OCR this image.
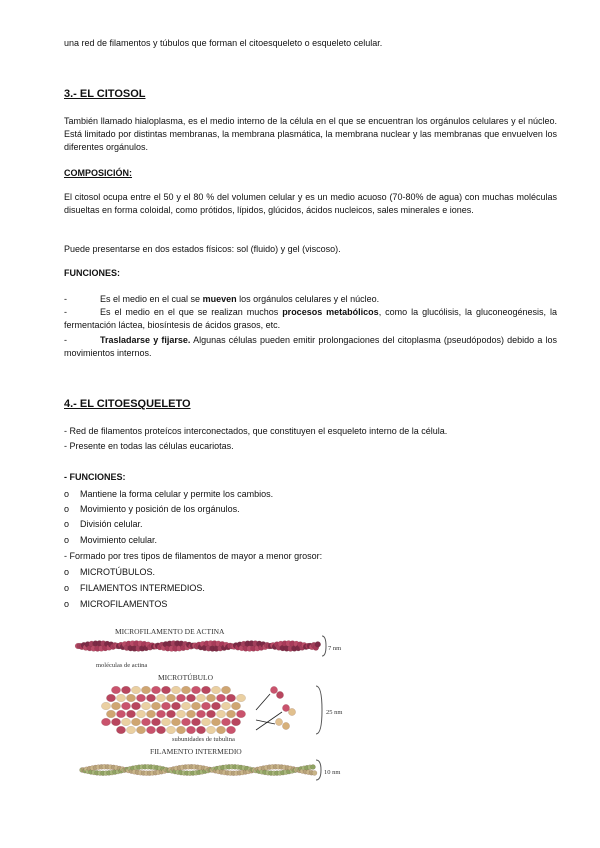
una red de filamentos y túbulos que forman el citoesqueleto o esqueleto celular.

3.- EL CITOSOL

También llamado hialoplasma, es el medio interno de la célula en el que se encuentran los orgánulos celulares y el núcleo. Está limitado por distintas membranas, la membrana plasmática, la membrana nuclear y las membranas que envuelven los diferentes orgánulos.

COMPOSICIÓN:

El citosol ocupa entre el 50 y el 80 % del volumen celular y es un medio acuoso (70-80% de agua) con muchas moléculas disueltas en forma coloidal, como prótidos, lípidos, glúcidos, ácidos nucleicos, sales minerales e iones.

Puede presentarse en dos estados físicos: sol (fluido) y gel (viscoso).

FUNCIONES:

-	Es el medio en el cual se mueven los orgánulos celulares y el núcleo.
-	Es el medio en el que se realizan muchos procesos metabólicos, como la glucólisis, la gluconeogénesis, la fermentación láctea, biosíntesis de ácidos grasos, etc.
-	Trasladarse y fijarse. Algunas células pueden emitir prolongaciones del citoplasma (pseudópodos) debido a los movimientos internos.

4.- EL CITOESQUELETO

- Red de filamentos proteícos interconectados, que constituyen el esqueleto interno de la célula.

- Presente en todas las células eucariotas.

- FUNCIONES:

o Mantiene la forma celular y permite los cambios.
o Movimiento y posición de los orgánulos.
o División celular.
o Movimiento celular.

- Formado por tres tipos de filamentos de mayor a menor grosor:

o MICROTÚBULOS.
o FILAMENTOS INTERMEDIOS.
o MICROFILAMENTOS
MICROFILAMENTO DE ACTINA
moléculas de actina
7 nm
MICROTÚBULO
subunidades de tubulina
25 nm
FILAMENTO INTERMEDIO
10 nm
